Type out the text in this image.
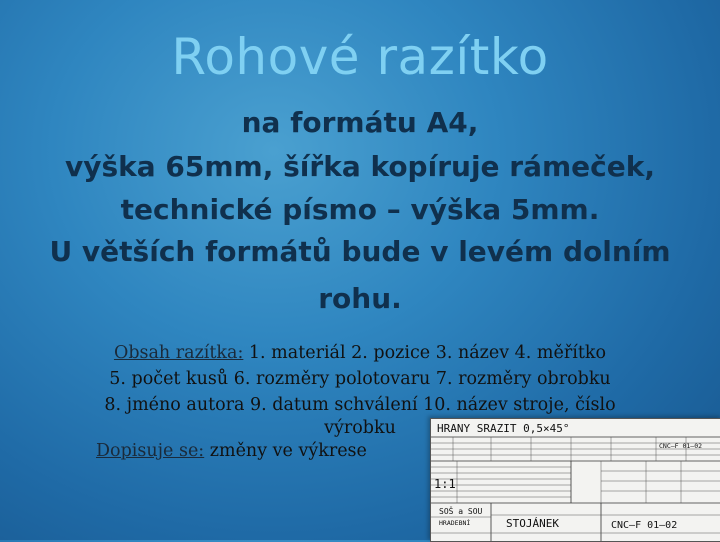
Rohové razítko
na formátu A4,
výška 65mm, šířka kopíruje rámeček,
technické písmo – výška 5mm.
U větších formátů bude v levém dolním
rohu.
Obsah razítka: 1. materiál 2. pozice 3. název 4. měřítko
5. počet kusů 6. rozměry polotovaru 7. rozměry obrobku
8. jméno autora 9. datum schválení 10. název stroje, číslo
výrobku
Dopisuje se: změny ve výkrese
HRANY SRAZIT 0,5×45°
CNC–F 01–02
1:1
SOŠ a SOU
HRADEBNÍ	STOJÁNEK	CNC–F 01–02
